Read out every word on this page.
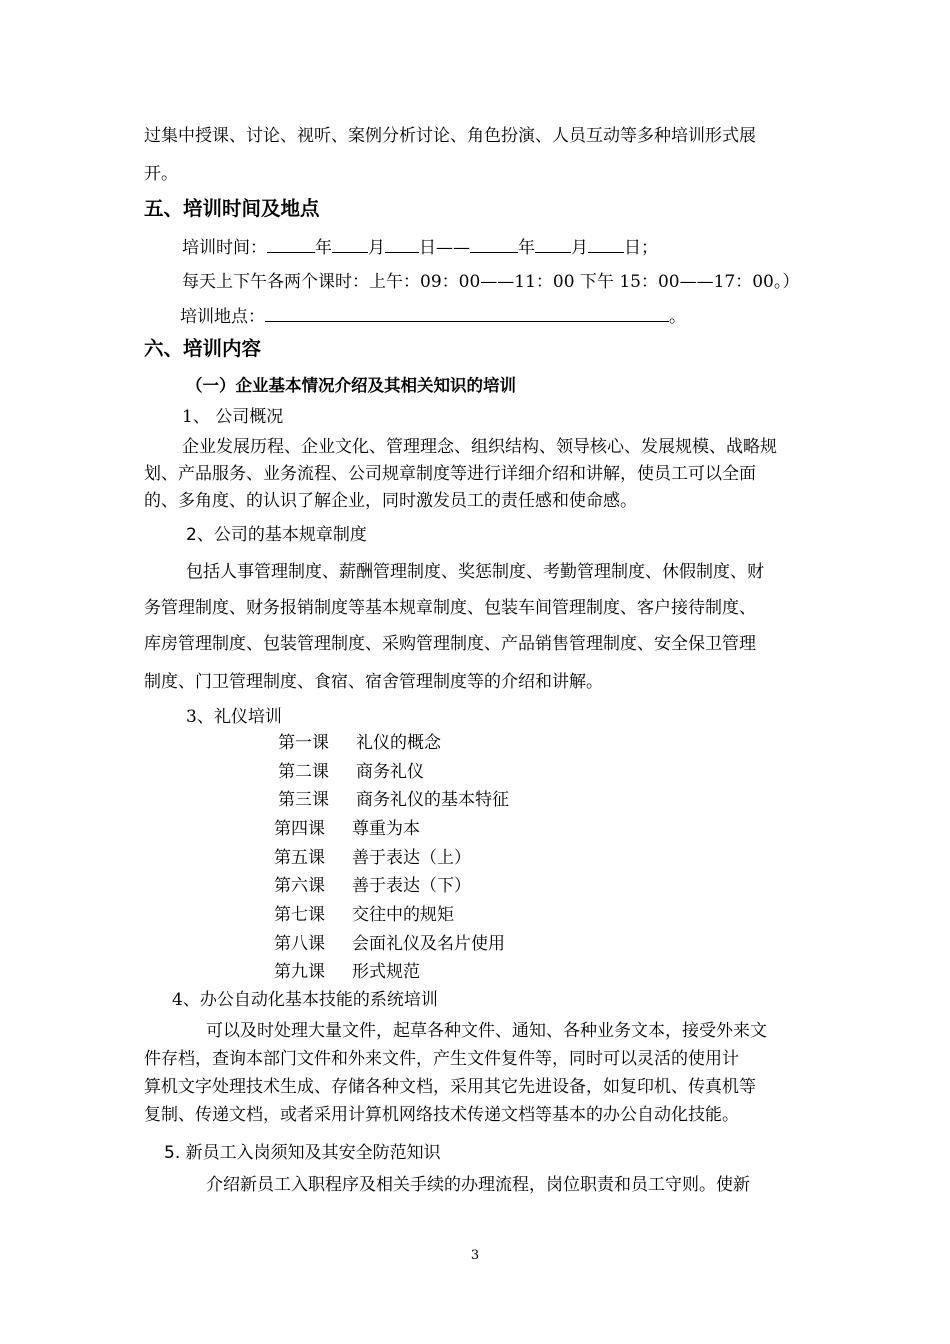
过集中授课、讨论、视听、案例分析讨论、角色扮演、人员互动等多种培训形式展
开。
五、培训时间及地点
培训时间：	年 月 日——	年 月 日；
每天上下午各两个课时：上午：09：00——11：00 下午 15：00——17：00。）
培训地点：	。
六、培训内容
（一）企业基本情况介绍及其相关知识的培训
1、 公司概况
企业发展历程、企业文化、管理理念、组织结构、领导核心、发展规模、战略规
划、产品服务、业务流程、公司规章制度等进行详细介绍和讲解，使员工可以全面
的、多角度、的认识了解企业，同时激发员工的责任感和使命感。
2、公司的基本规章制度
包括人事管理制度、薪酬管理制度、奖惩制度、考勤管理制度、休假制度、财
务管理制度、财务报销制度等基本规章制度、包装车间管理制度、客户接待制度、
库房管理制度、包装管理制度、采购管理制度、产品销售管理制度、安全保卫管理
制度、门卫管理制度、食宿、宿舍管理制度等的介绍和讲解。
3、礼仪培训
第一课 礼仪的概念
第二课 商务礼仪
第三课 商务礼仪的基本特征
第四课 尊重为本
第五课 善于表达（上）
第六课 善于表达（下）
第七课 交往中的规矩
第八课 会面礼仪及名片使用
第九课 形式规范
4、办公自动化基本技能的系统培训
可以及时处理大量文件，起草各种文件、通知、各种业务文本，接受外来文
件存档，查询本部门文件和外来文件，产生文件复件等，同时可以灵活的使用计
算机文字处理技术生成、存储各种文档，采用其它先进设备，如复印机、传真机等
复制、传递文档，或者采用计算机网络技术传递文档等基本的办公自动化技能。
5. 新员工入岗须知及其安全防范知识
介绍新员工入职程序及相关手续的办理流程，岗位职责和员工守则。使新
3
